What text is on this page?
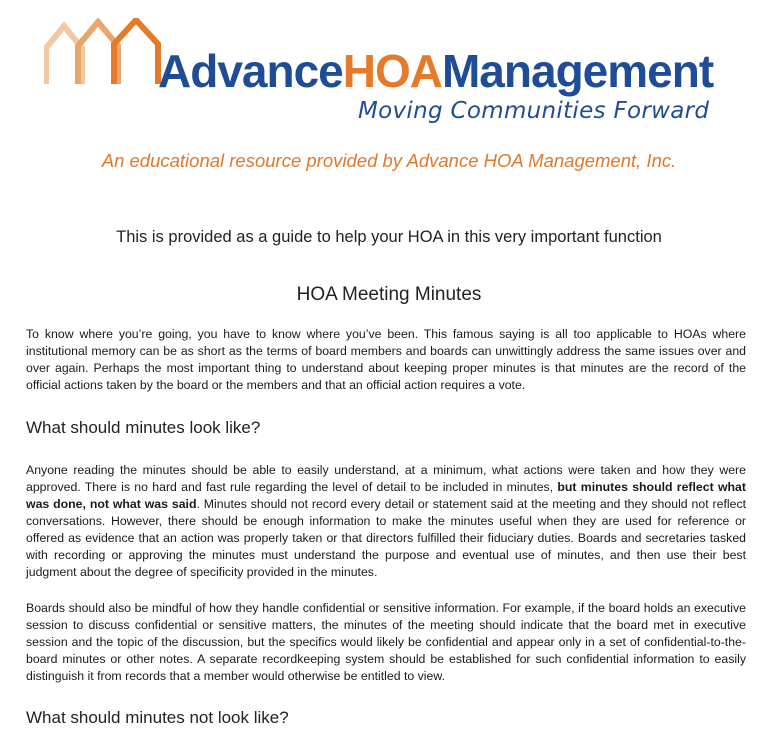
AdvanceHOAManagement
Moving Communities Forward
An educational resource provided by Advance HOA Management, Inc.
This is provided as a guide to help your HOA in this very important function
HOA Meeting Minutes
To know where you’re going, you have to know where you’ve been. This famous saying is all too applicable to HOAs where institutional memory can be as short as the terms of board members and boards can unwittingly address the same issues over and over again. Perhaps the most important thing to understand about keeping proper minutes is that minutes are the record of the official actions taken by the board or the members and that an official action requires a vote.
What should minutes look like?
Anyone reading the minutes should be able to easily understand, at a minimum, what actions were taken and how they were approved. There is no hard and fast rule regarding the level of detail to be included in minutes, but minutes should reflect what was done, not what was said. Minutes should not record every detail or statement said at the meeting and they should not reflect conversations. However, there should be enough information to make the minutes useful when they are used for reference or offered as evidence that an action was properly taken or that directors fulfilled their fiduciary duties. Boards and secretaries tasked with recording or approving the minutes must understand the purpose and eventual use of minutes, and then use their best judgment about the degree of specificity provided in the minutes.
Boards should also be mindful of how they handle confidential or sensitive information. For example, if the board holds an executive session to discuss confidential or sensitive matters, the minutes of the meeting should indicate that the board met in executive session and the topic of the discussion, but the specifics would likely be confidential and appear only in a set of confidential-to-the-board minutes or other notes. A separate recordkeeping system should be established for such confidential information to easily distinguish it from records that a member would otherwise be entitled to view.
What should minutes not look like?
